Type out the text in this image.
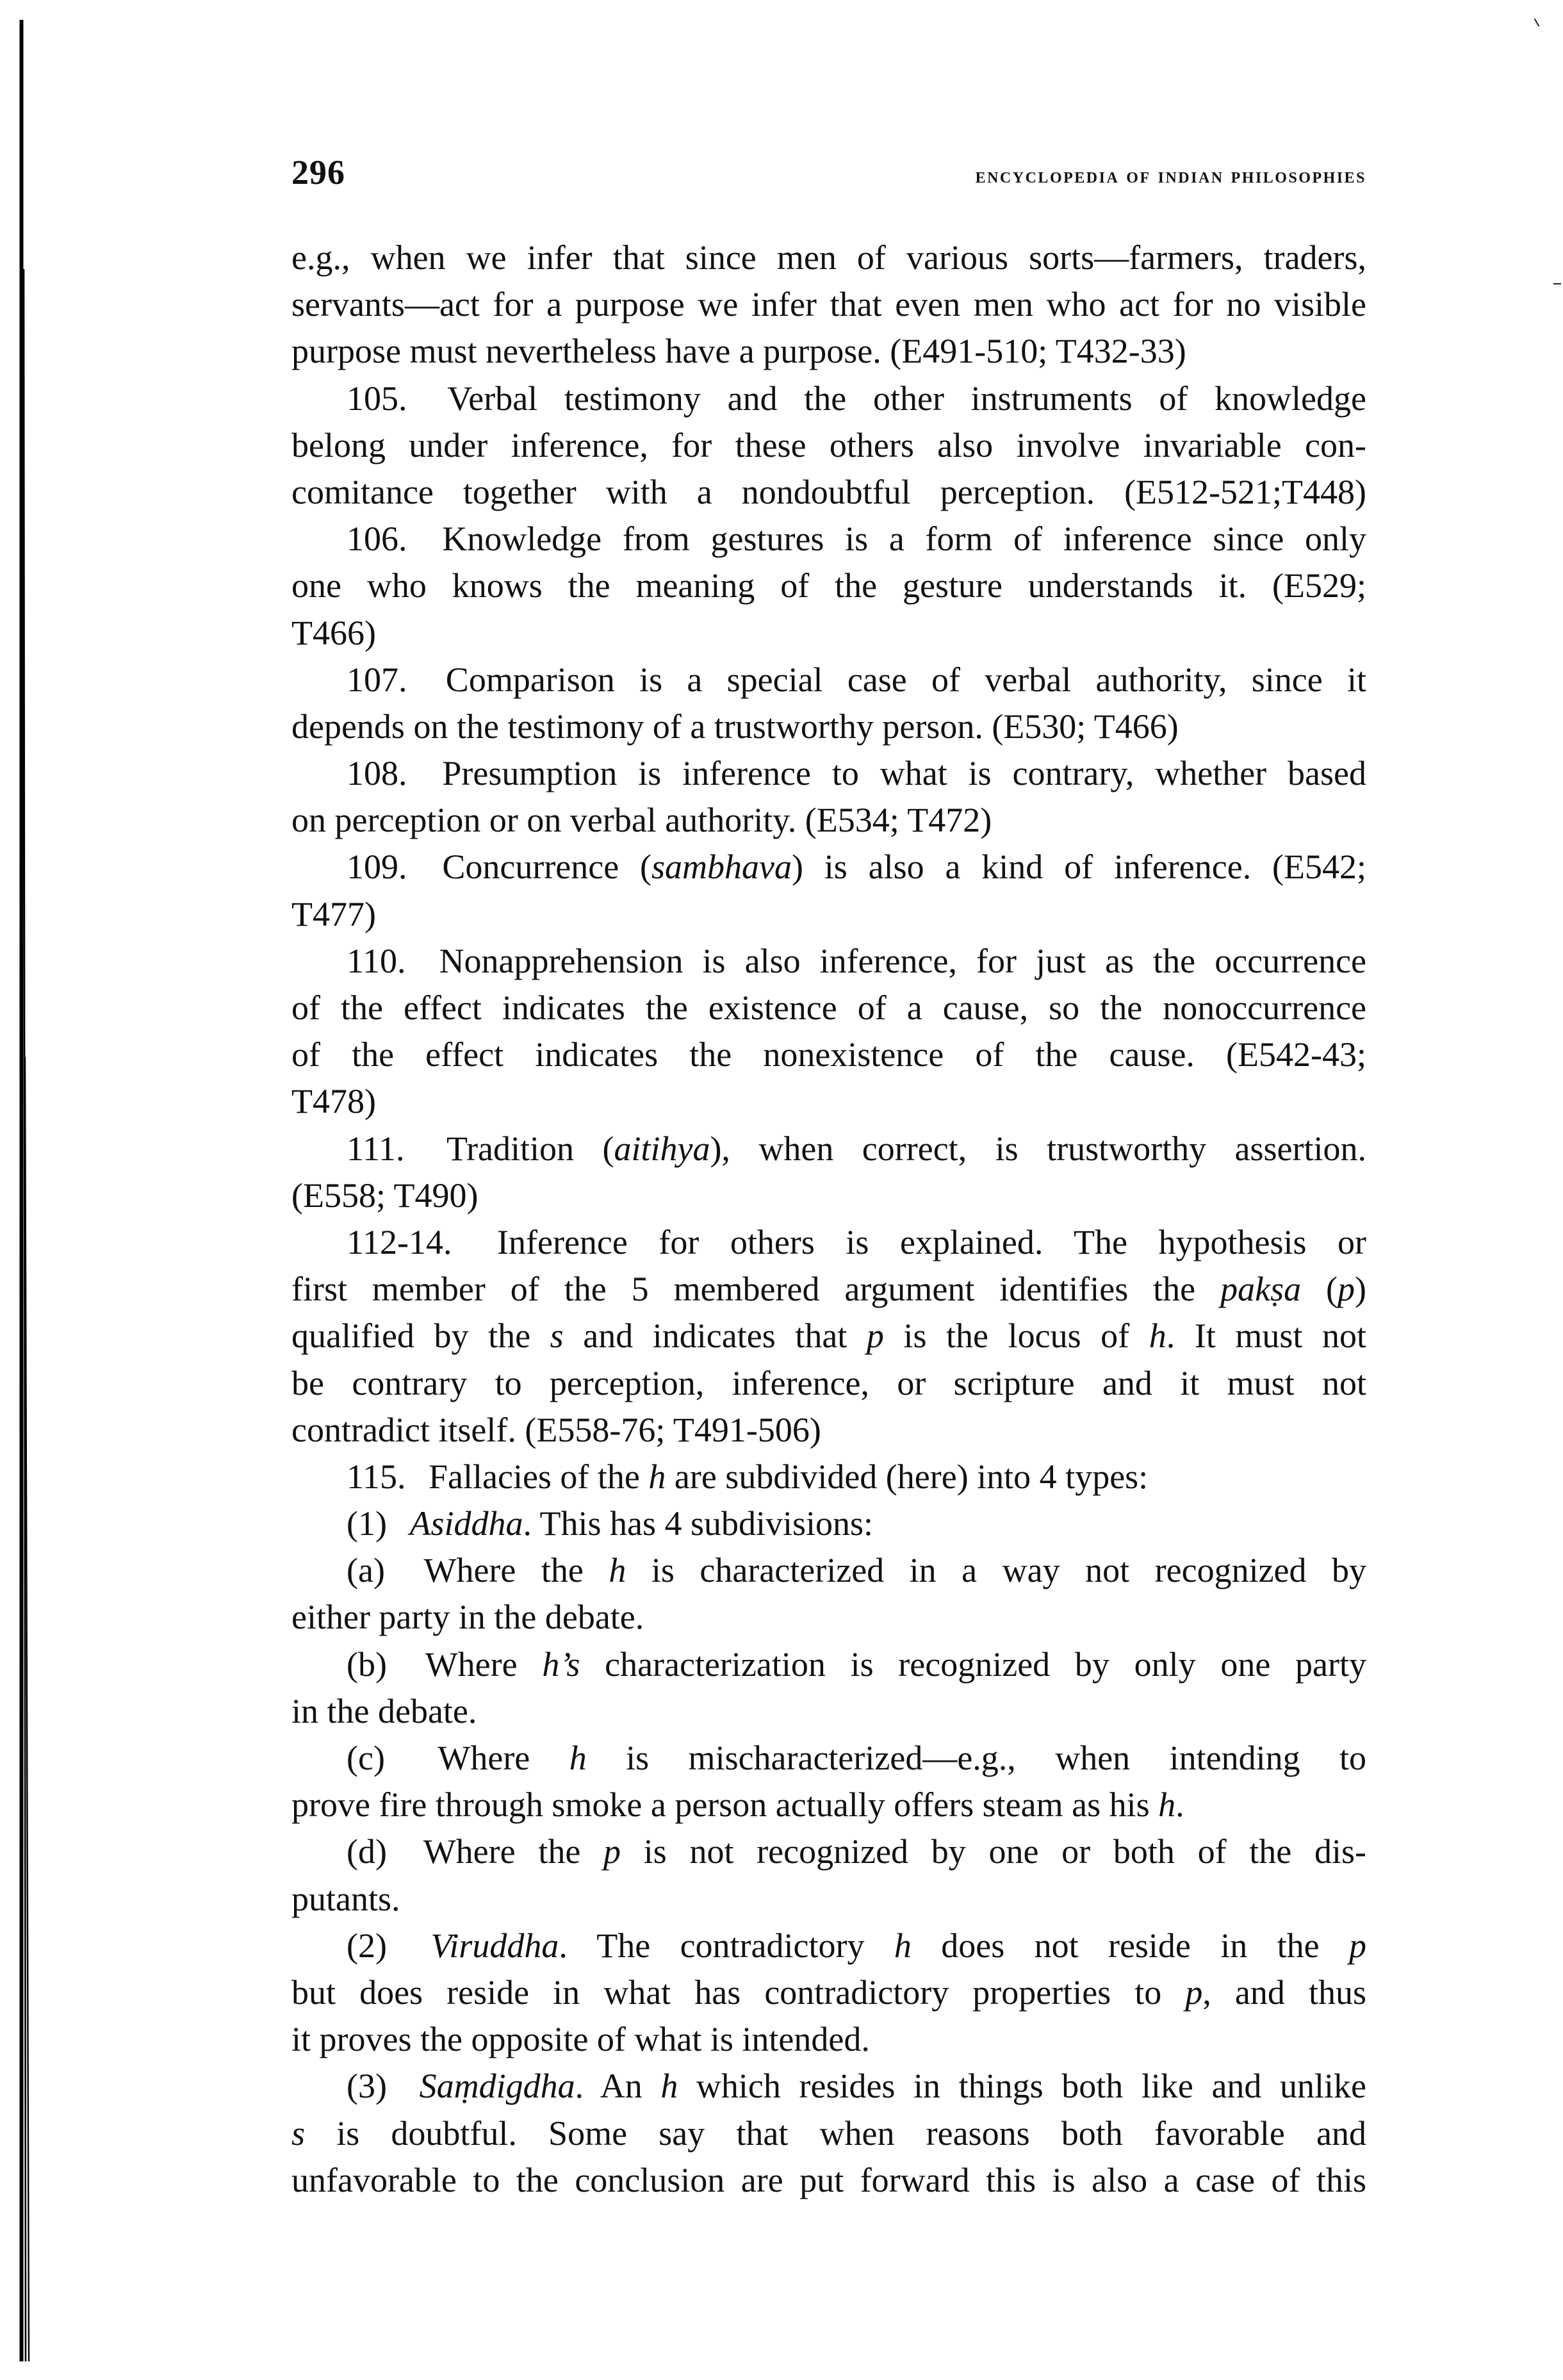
296	encyclopedia of indian philosophies
e.g., when we infer that since men of various sorts—farmers, traders,
servants—act for a purpose we infer that even men who act for no visible
purpose must nevertheless have a purpose. (E491-510; T432-33)
105. Verbal testimony and the other instruments of knowledge
belong under inference, for these others also involve invariable con-
comitance together with a nondoubtful perception. (E512-521;T448)
106. Knowledge from gestures is a form of inference since only
one who knows the meaning of the gesture understands it. (E529;
T466)
107. Comparison is a special case of verbal authority, since it
depends on the testimony of a trustworthy person. (E530; T466)
108. Presumption is inference to what is contrary, whether based
on perception or on verbal authority. (E534; T472)
109. Concurrence (sambhava) is also a kind of inference. (E542;
T477)
110. Nonapprehension is also inference, for just as the occurrence
of the effect indicates the existence of a cause, so the nonoccurrence
of the effect indicates the nonexistence of the cause. (E542-43;
T478)
111. Tradition (aitihya), when correct, is trustworthy assertion.
(E558; T490)
112-14. Inference for others is explained. The hypothesis or
first member of the 5 membered argument identifies the pakṣa (p)
qualified by the s and indicates that p is the locus of h. It must not
be contrary to perception, inference, or scripture and it must not
contradict itself. (E558-76; T491-506)
115. Fallacies of the h are subdivided (here) into 4 types:
(1) Asiddha. This has 4 subdivisions:
(a) Where the h is characterized in a way not recognized by
either party in the debate.
(b) Where h’s characterization is recognized by only one party
in the debate.
(c) Where h is mischaracterized—e.g., when intending to
prove fire through smoke a person actually offers steam as his h.
(d) Where the p is not recognized by one or both of the dis-
putants.
(2) Viruddha. The contradictory h does not reside in the p
but does reside in what has contradictory properties to p, and thus
it proves the opposite of what is intended.
(3) Saṃdigdha. An h which resides in things both like and unlike
s is doubtful. Some say that when reasons both favorable and
unfavorable to the conclusion are put forward this is also a case of this
